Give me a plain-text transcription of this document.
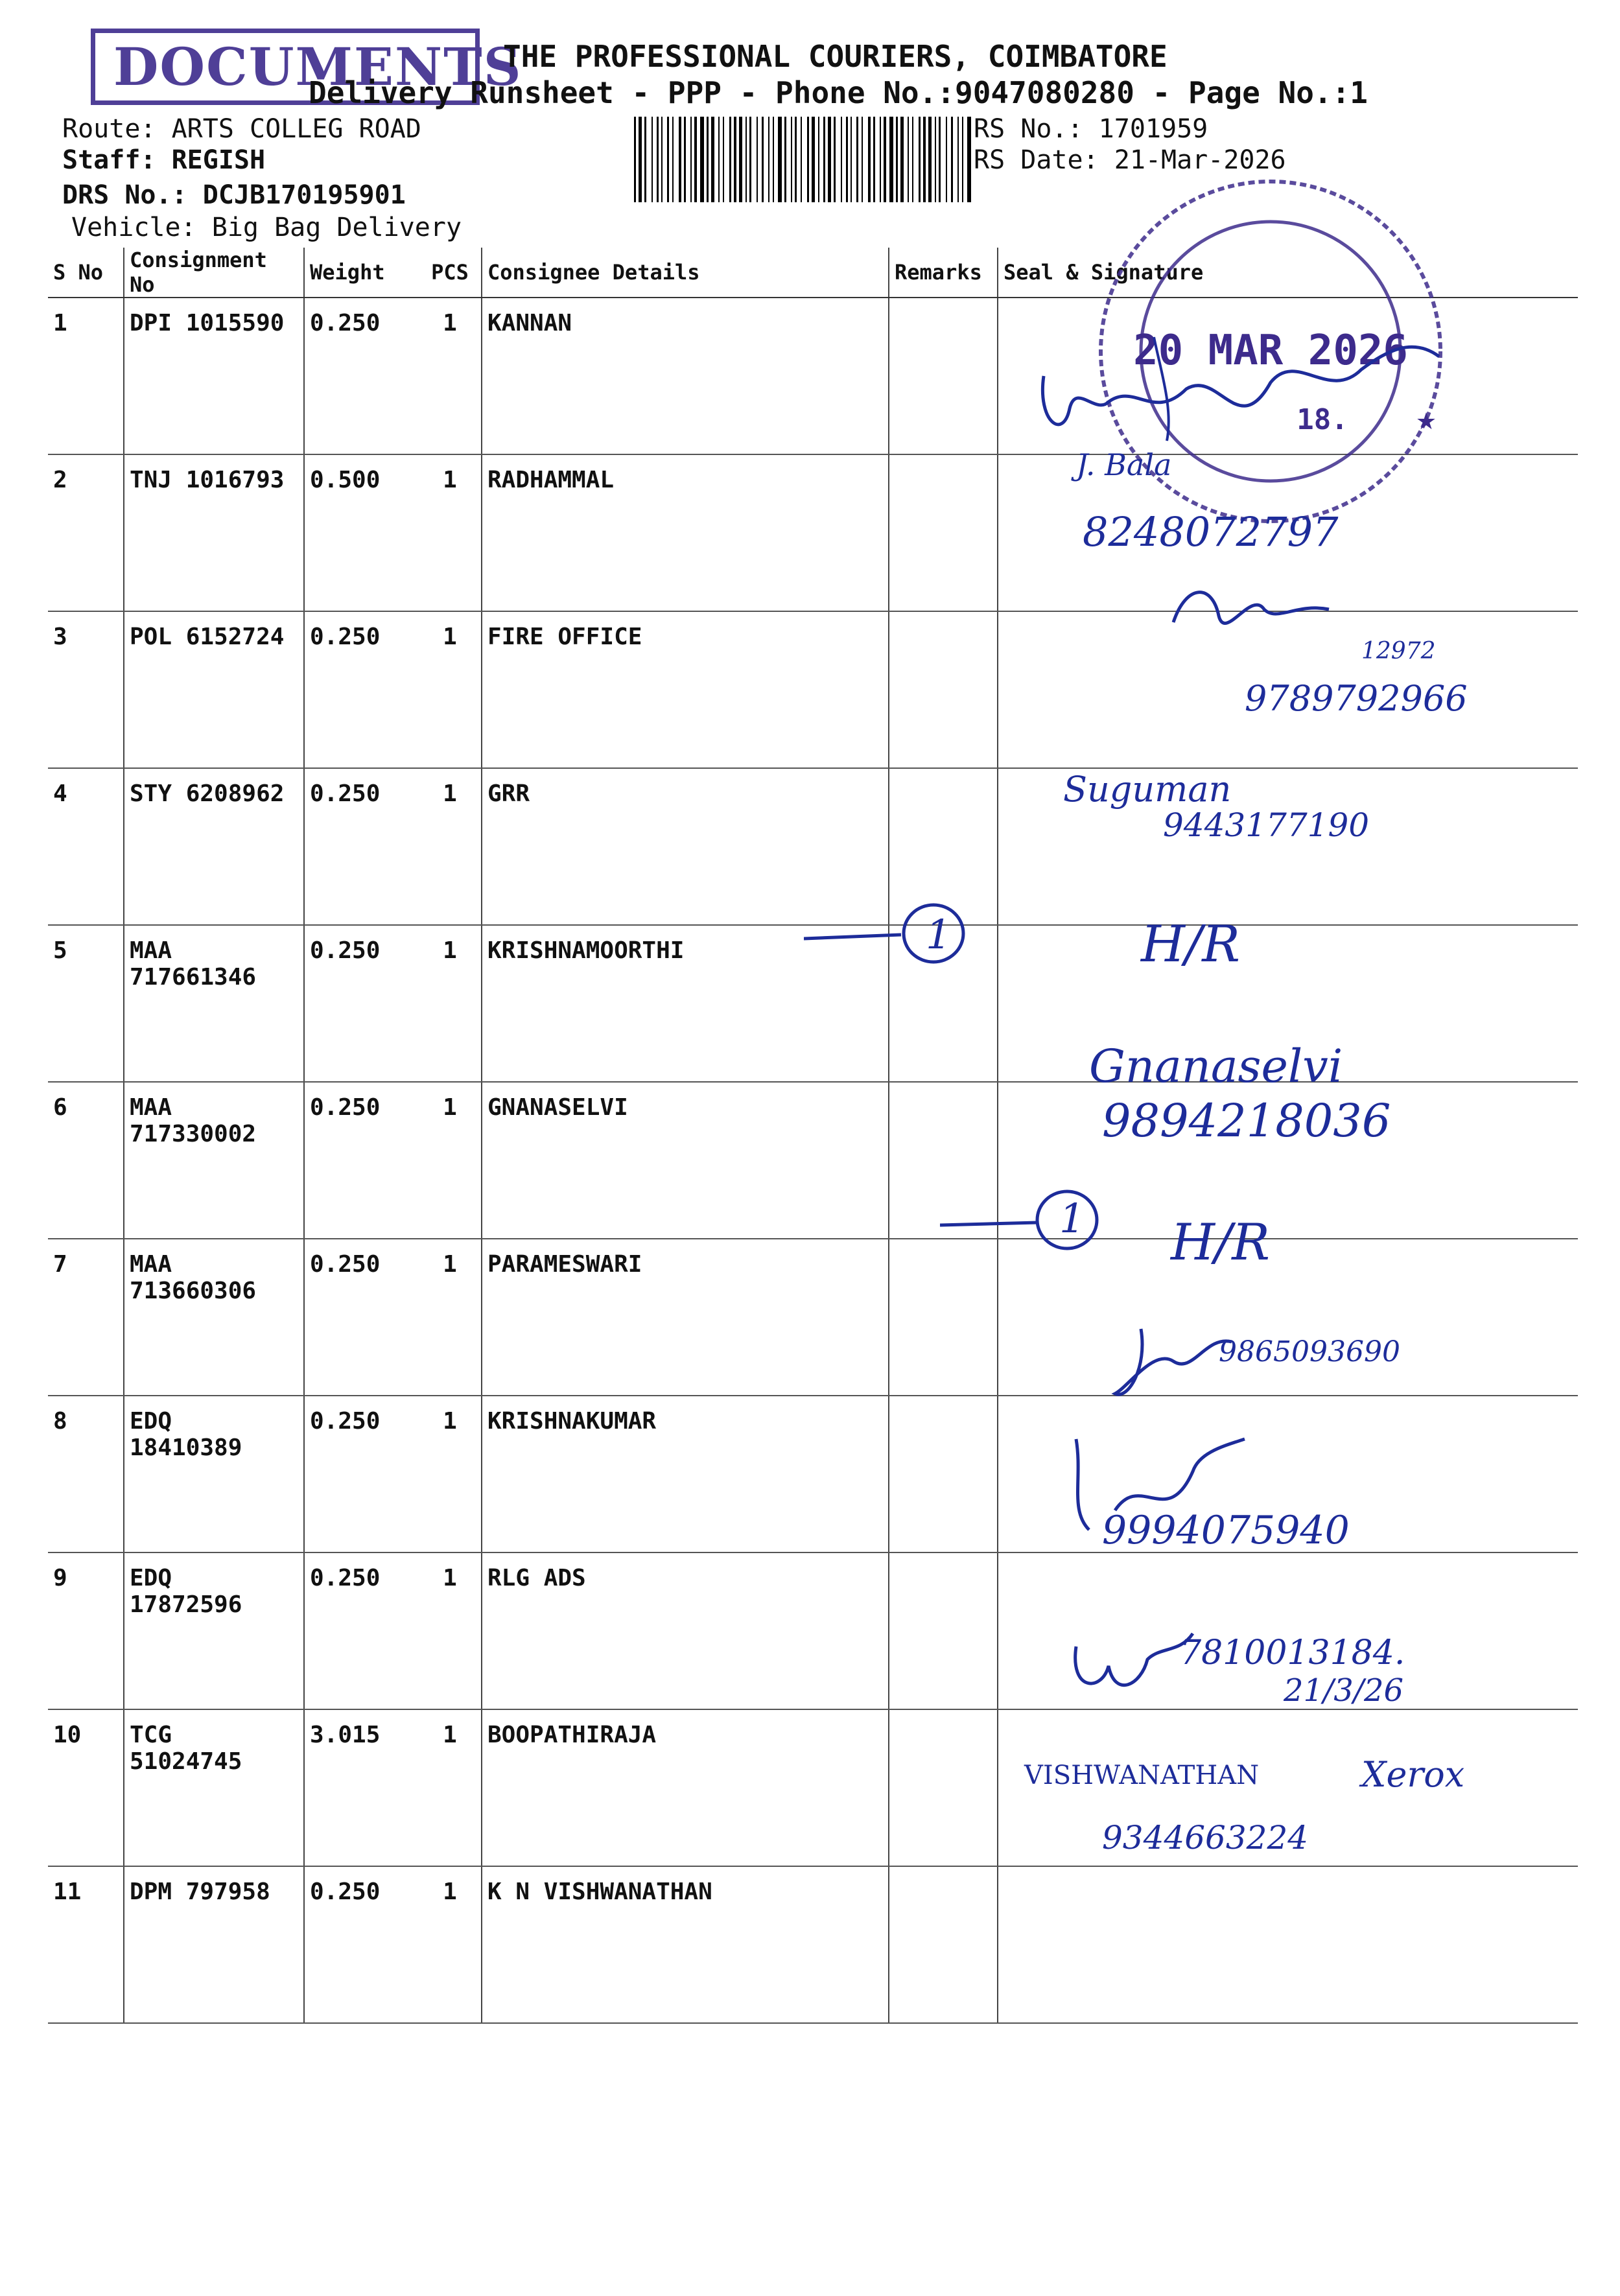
DOCUMENTS
THE PROFESSIONAL COURIERS, COIMBATORE
Delivery Runsheet - PPP - Phone No.:9047080280 - Page No.:1
Route: ARTS COLLEG ROAD
Staff: REGISH
DRS No.: DCJB170195901
Vehicle: Big Bag Delivery
RS No.: 1701959
RS Date: 21-Mar-2026
S No	Consignment No	Weight	PCS	Consignee Details	Remarks	Seal & Signature
1	DPI 1015590	0.250	1	KANNAN		
2	TNJ 1016793	0.500	1	RADHAMMAL		
3	POL 6152724	0.250	1	FIRE OFFICE		
4	STY 6208962	0.250	1	GRR		
5	MAA 717661346	0.250	1	KRISHNAMOORTHI		
6	MAA 717330002	0.250	1	GNANASELVI		
7	MAA 713660306	0.250	1	PARAMESWARI		
8	EDQ 18410389	0.250	1	KRISHNAKUMAR		
9	EDQ 17872596	0.250	1	RLG ADS		
10	TCG 51024745	3.015	1	BOOPATHIRAJA		
11	DPM 797958	0.250	1	K N VISHWANATHAN		
20 MAR 2026
18.	★
1
1
J. Bala
8248072797
12972
9789792966
Suguman
9443177190
H/R
Gnanaselvi
9894218036
H/R
9865093690
9994075940
7810013184.
21/3/26
VISHWANATHAN	Xerox
9344663224
